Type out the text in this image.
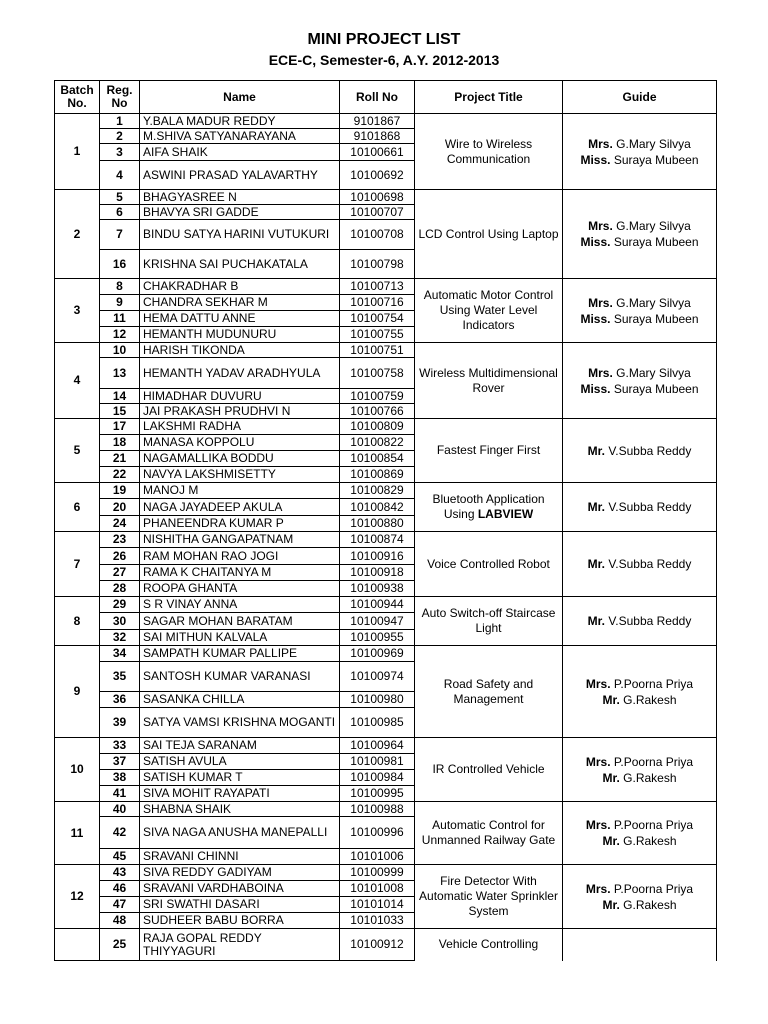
MINI PROJECT LIST
ECE-C, Semester-6, A.Y. 2012-2013
Batch No.	Reg. No	Name	Roll No	Project Title	Guide
1	1	Y.BALA MADUR REDDY	9101867	Wire to Wireless Communication	Mrs. G.Mary Silvya
Miss. Suraya Mubeen

	2	M.SHIVA SATYANARAYANA	9101868		
	3	AIFA SHAIK	10100661		
	4	ASWINI PRASAD YALAVARTHY	10100692		
2	5	BHAGYASREE N	10100698	LCD Control Using Laptop	Mrs. G.Mary Silvya
Miss. Suraya Mubeen

	6	BHAVYA SRI GADDE	10100707		
	7	BINDU SATYA HARINI VUTUKURI	10100708		
	16	KRISHNA SAI PUCHAKATALA	10100798		
3	8	CHAKRADHAR B	10100713	Automatic Motor Control Using Water Level Indicators	Mrs. G.Mary Silvya
Miss. Suraya Mubeen

	9	CHANDRA SEKHAR M	10100716		
	11	HEMA DATTU ANNE	10100754		
	12	HEMANTH MUDUNURU	10100755		
4	10	HARISH TIKONDA	10100751	Wireless Multidimensional Rover	Mrs. G.Mary Silvya
Miss. Suraya Mubeen

	13	HEMANTH YADAV ARADHYULA	10100758		
	14	HIMADHAR DUVURU	10100759		
	15	JAI PRAKASH PRUDHVI N	10100766		
5	17	LAKSHMI RADHA	10100809	Fastest Finger First	Mr. V.Subba Reddy

	18	MANASA KOPPOLU	10100822		
	21	NAGAMALLIKA BODDU	10100854		
	22	NAVYA LAKSHMISETTY	10100869		
6	19	MANOJ M	10100829	Bluetooth Application Using LABVIEW	Mr. V.Subba Reddy

	20	NAGA JAYADEEP AKULA	10100842		
	24	PHANEENDRA KUMAR P	10100880		
7	23	NISHITHA GANGAPATNAM	10100874	Voice Controlled Robot	Mr. V.Subba Reddy

	26	RAM MOHAN RAO JOGI	10100916		
	27	RAMA K CHAITANYA M	10100918		
	28	ROOPA GHANTA	10100938		
8	29	S R VINAY ANNA	10100944	Auto Switch-off Staircase Light	Mr. V.Subba Reddy

	30	SAGAR MOHAN BARATAM	10100947		
	32	SAI MITHUN KALVALA	10100955		
9	34	SAMPATH KUMAR PALLIPE	10100969	Road Safety and Management	Mrs. P.Poorna Priya
Mr. G.Rakesh

	35	SANTOSH KUMAR VARANASI	10100974		
	36	SASANKA CHILLA	10100980		
	39	SATYA VAMSI KRISHNA MOGANTI	10100985		
10	33	SAI TEJA SARANAM	10100964	IR Controlled Vehicle	Mrs. P.Poorna Priya
Mr. G.Rakesh

	37	SATISH AVULA	10100981		
	38	SATISH KUMAR T	10100984		
	41	SIVA MOHIT RAYAPATI	10100995		
11	40	SHABNA SHAIK	10100988	Automatic Control for Unmanned Railway Gate	Mrs. P.Poorna Priya
Mr. G.Rakesh

	42	SIVA NAGA ANUSHA MANEPALLI	10100996		
	45	SRAVANI CHINNI	10101006		
12	43	SIVA REDDY GADIYAM	10100999	Fire Detector With Automatic Water Sprinkler System	Mrs. P.Poorna Priya
Mr. G.Rakesh

	46	SRAVANI VARDHABOINA	10101008		
	47	SRI SWATHI DASARI	10101014		
	48	SUDHEER BABU BORRA	10101033		
	25	RAJA GOPAL REDDY THIYYAGURI	10100912	Vehicle Controlling	
